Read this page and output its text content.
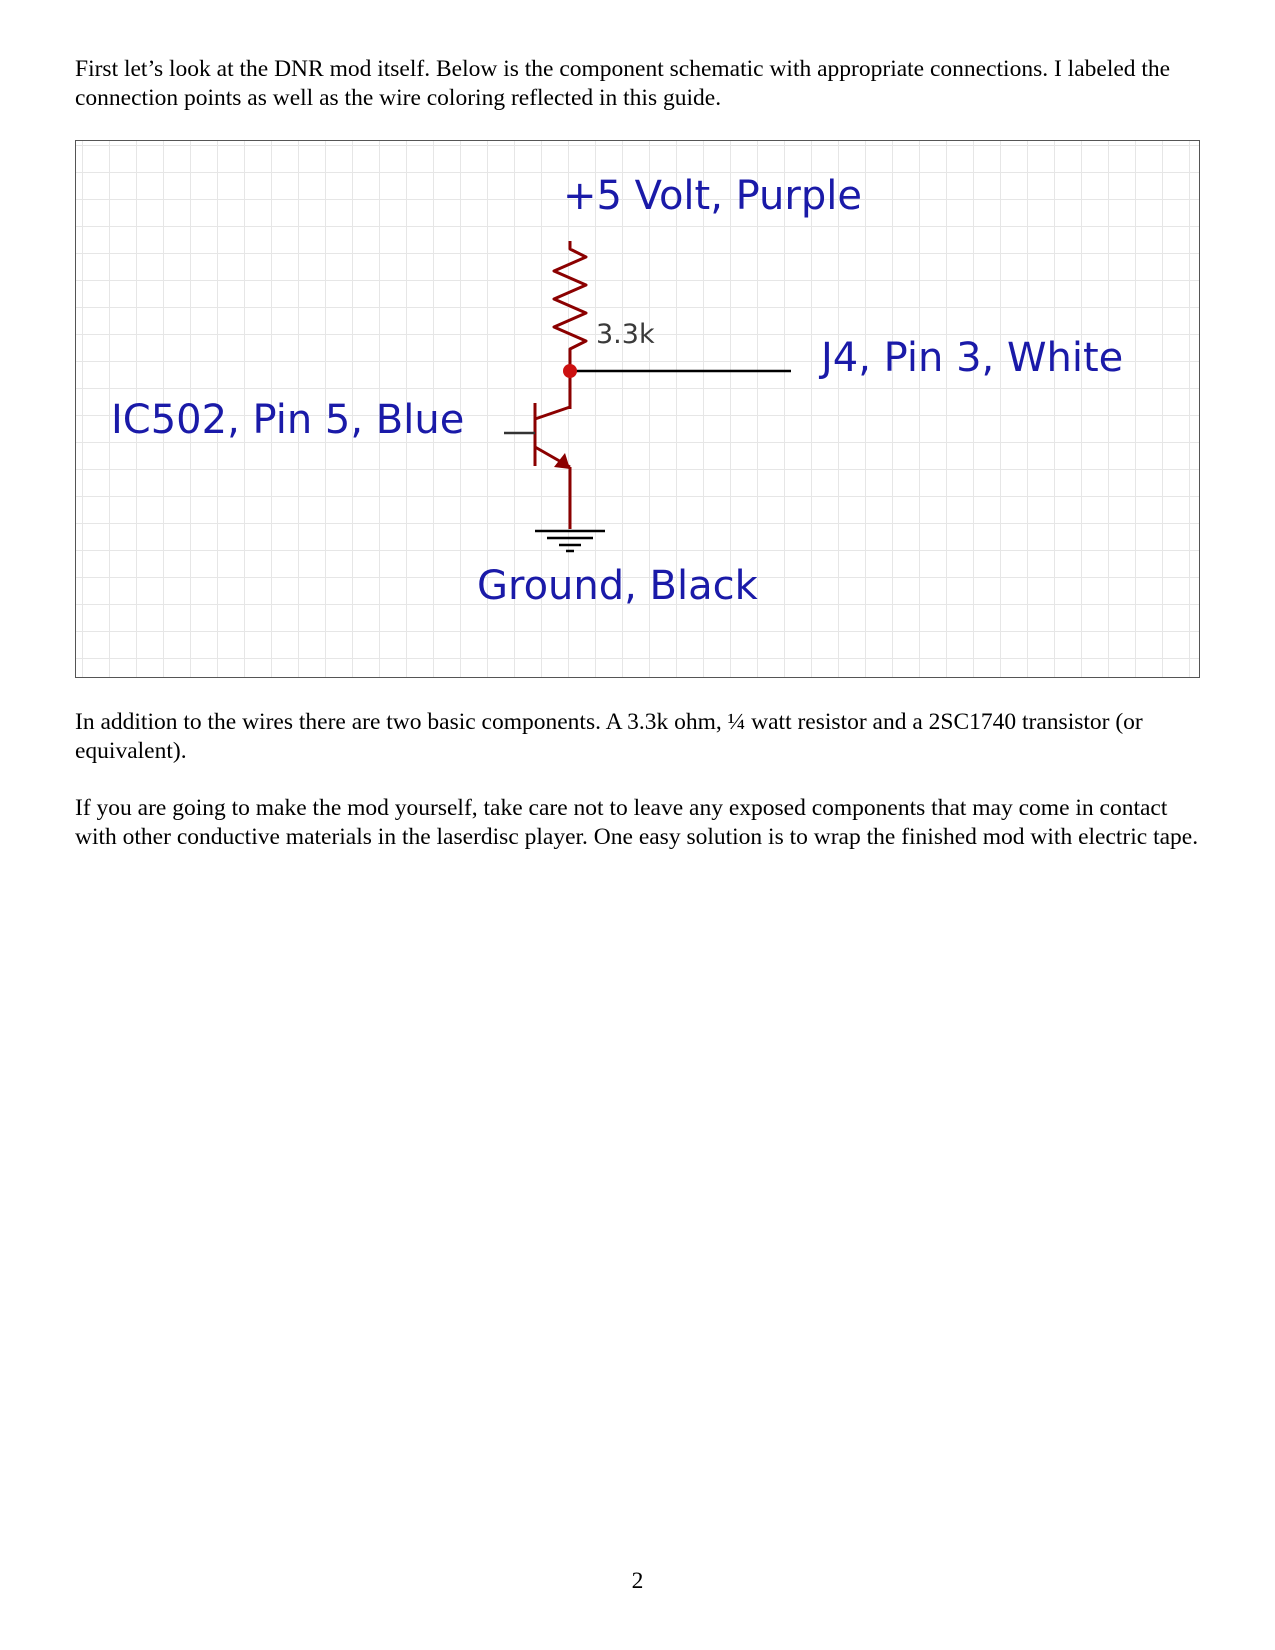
First let’s look at the DNR mod itself. Below is the component schematic with appropriate connections. I labeled the connection points as well as the wire coloring reflected in this guide.

+5 Volt, Purple
3.3k
J4, Pin 3, White
IC502, Pin 5, Blue
Ground, Black

In addition to the wires there are two basic components. A 3.3k ohm, ¼ watt resistor and a 2SC1740 transistor (or equivalent).

If you are going to make the mod yourself, take care not to leave any exposed components that may come in contact with other conductive materials in the laserdisc player. One easy solution is to wrap the finished mod with electric tape.

2
